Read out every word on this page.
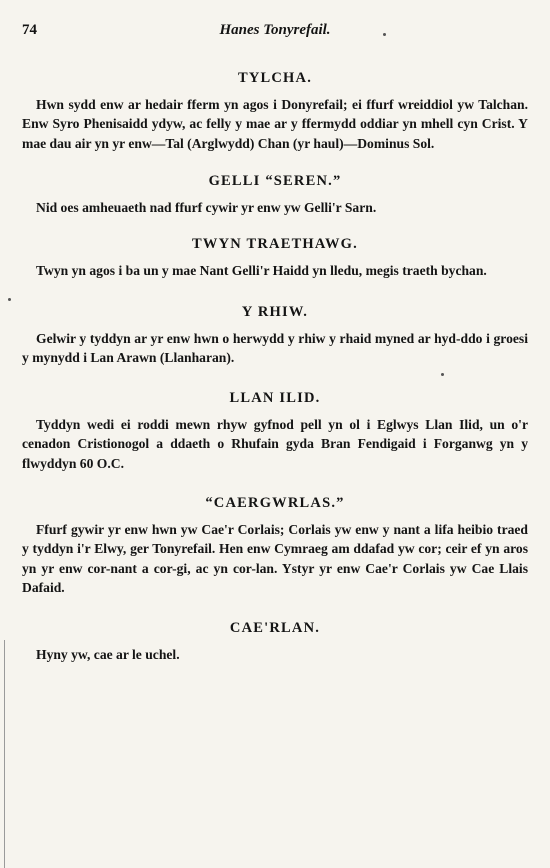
74	Hanes Tonyrefail.
TYLCHA.

Hwn sydd enw ar hedair fferm yn agos i Donyrefail; ei ffurf wreiddiol yw Talchan. Enw Syro Phenisaidd ydyw, ac felly y mae ar y ffermydd oddiar yn mhell cyn Crist. Y mae dau air yn yr enw—Tal (Arglwydd) Chan (yr haul)—Dominus Sol.

GELLI “SEREN.”

Nid oes amheuaeth nad ffurf cywir yr enw yw Gelli'r Sarn.

TWYN TRAETHAWG.

Twyn yn agos i ba un y mae Nant Gelli'r Haidd yn lledu, megis traeth bychan.

Y RHIW.

Gelwir y tyddyn ar yr enw hwn o herwydd y rhiw y rhaid myned ar hyd-ddo i groesi y mynydd i Lan Arawn (Llanharan).

LLAN ILID.

Tyddyn wedi ei roddi mewn rhyw gyfnod pell yn ol i Eglwys Llan Ilid, un o'r cenadon Cristionogol a ddaeth o Rhufain gyda Bran Fendigaid i Forganwg yn y flwyddyn 60 O.C.

“CAERGWRLAS.”

Ffurf gywir yr enw hwn yw Cae'r Corlais; Corlais yw enw y nant a lifa heibio traed y tyddyn i'r Elwy, ger Tonyrefail. Hen enw Cymraeg am ddafad yw cor; ceir ef yn aros yn yr enw cor-nant a cor-gi, ac yn cor-lan. Ystyr yr enw Cae'r Corlais yw Cae Llais Dafaid.

CAE'RLAN.

Hyny yw, cae ar le uchel.
